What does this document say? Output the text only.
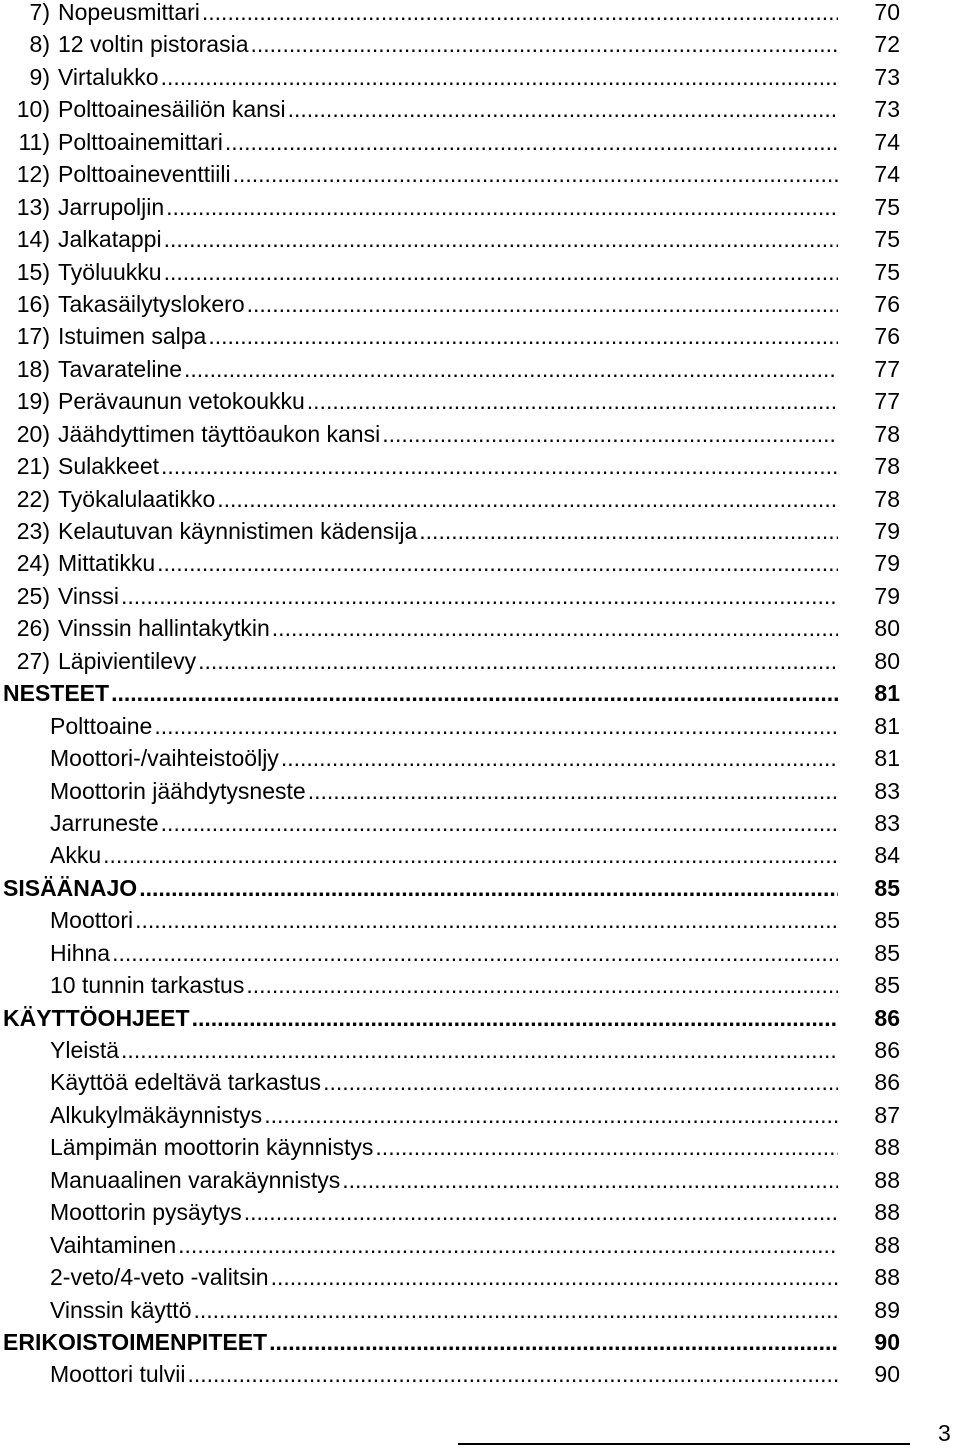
7) Nopeusmittari .....	70
8) 12 voltin pistorasia .....	72
9) Virtalukko .....	73
10) Polttoainesäiliön kansi .....	73
11) Polttoainemittari .....	74
12) Polttoaineventtiili .....	74
13) Jarrupoljin .....	75
14) Jalkatappi .....	75
15) Työluukku .....	75
16) Takasäilytyslokero .....	76
17) Istuimen salpa .....	76
18) Tavarateline .....	77
19) Perävaunun vetokoukku .....	77
20) Jäähdyttimen täyttöaukon kansi .....	78
21) Sulakkeet .....	78
22) Työkalulaatikko .....	78
23) Kelautuvan käynnistimen kädensija .....	79
24) Mittatikku .....	79
25) Vinssi .....	79
26) Vinssin hallintakytkin .....	80
27) Läpivientilevy .....	80
NESTEET .....	81
Polttoaine .....	81
Moottori-/vaihteistoöljy .....	81
Moottorin jäähdytysneste .....	83
Jarruneste .....	83
Akku .....	84
SISÄÄNAJO .....	85
Moottori .....	85
Hihna .....	85
10 tunnin tarkastus .....	85
KÄYTTÖOHJEET .....	86
Yleistä .....	86
Käyttöä edeltävä tarkastus .....	86
Alkukylmäkäynnistys .....	87
Lämpimän moottorin käynnistys .....	88
Manuaalinen varakäynnistys .....	88
Moottorin pysäytys .....	88
Vaihtaminen .....	88
2-veto/4-veto -valitsin .....	88
Vinssin käyttö .....	89
ERIKOISTOIMENPITEET .....	90
Moottori tulvii .....	90
3
